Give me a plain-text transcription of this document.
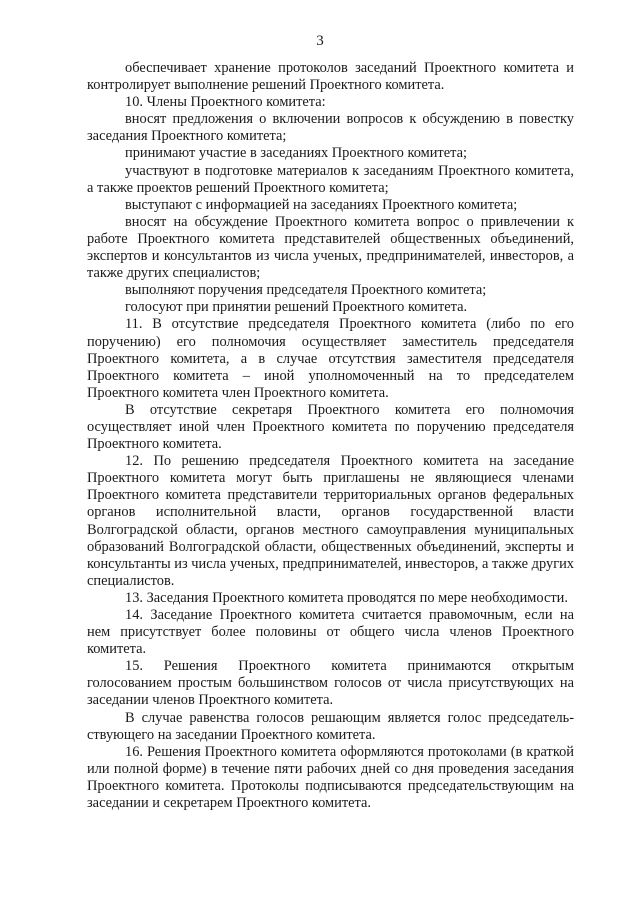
3

обеспечивает хранение протоколов заседаний Проектного комитета и контролирует выполнение решений Проектного комитета.

10. Члены Проектного комитета:

вносят предложения о включении вопросов к обсуждению в повестку заседания Проектного комитета;

принимают участие в заседаниях Проектного комитета;

участвуют в подготовке материалов к заседаниям Проектного комитета, а также проектов решений Проектного комитета;

выступают с информацией на заседаниях Проектного комитета;

вносят на обсуждение Проектного комитета вопрос о привлечении к работе Проектного комитета представителей общественных объединений, экспертов и консультантов из числа ученых, предпринимателей, инвесторов, а также других специалистов;

выполняют поручения председателя Проектного комитета;

голосуют при принятии решений Проектного комитета.

11. В отсутствие председателя Проектного комитета (либо по его поручению) его полномочия осуществляет заместитель председателя Проектного комитета, а в случае отсутствия заместителя председателя Проектного комитета – иной уполномоченный на то председателем Проектного комитета член Проектного комитета.

В отсутствие секретаря Проектного комитета его полномочия осуществляет иной член Проектного комитета по поручению председателя Проектного комитета.

12. По решению председателя Проектного комитета на заседание Проектного комитета могут быть приглашены не являющиеся членами Проектного комитета представители территориальных органов федеральных органов исполнительной власти, органов государственной власти Волгоградской области, органов местного самоуправления муниципальных образований Волгоградской области, общественных объединений, эксперты и консультанты из числа ученых, предпринимателей, инвесторов, а также других специалистов.

13. Заседания Проектного комитета проводятся по мере необходимости.

14. Заседание Проектного комитета считается правомочным, если на нем присутствует более половины от общего числа членов Проектного комитета.

15. Решения Проектного комитета принимаются открытым голосованием простым большинством голосов от числа присутствующих на заседании членов Проектного комитета.

В случае равенства голосов решающим является голос председатель-ствующего на заседании Проектного комитета.

16. Решения Проектного комитета оформляются протоколами (в краткой или полной форме) в течение пяти рабочих дней со дня проведения заседания Проектного комитета. Протоколы подписываются председательствующим на заседании и секретарем Проектного комитета.
